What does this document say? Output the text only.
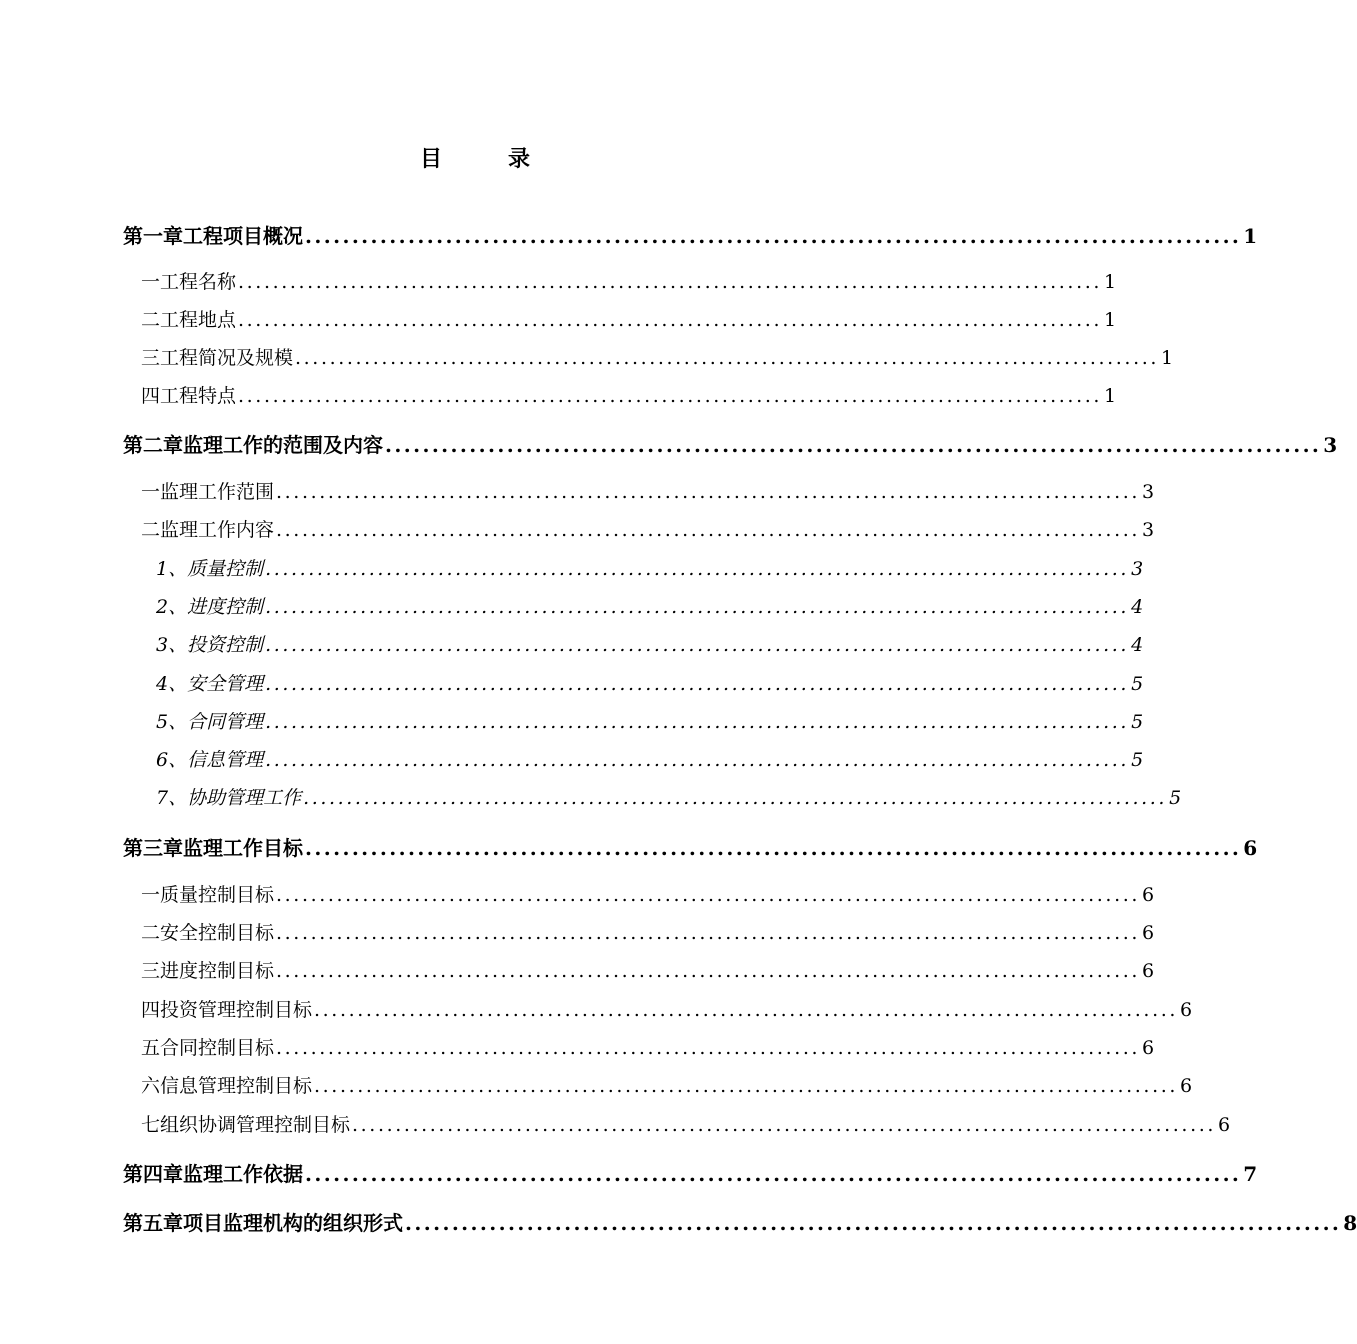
目　录
第一章 工程项目概况 .................................................................................................... 1
一 工程名称 .................................................................................................... 1
二 工程地点 .................................................................................................... 1
三 工程简况及规模 .................................................................................................... 1
四 工程特点 .................................................................................................... 1
第二章 监理工作的范围及内容 .................................................................................................... 3
一 监理工作范围 .................................................................................................... 3
二 监理工作内容 .................................................................................................... 3
1、质量控制 .................................................................................................... 3
2、进度控制 .................................................................................................... 4
3、投资控制 .................................................................................................... 4
4、安全管理 .................................................................................................... 5
5、合同管理 .................................................................................................... 5
6、信息管理 .................................................................................................... 5
7、协助管理工作 .................................................................................................... 5
第三章 监理工作目标 .................................................................................................... 6
一 质量控制目标 .................................................................................................... 6
二 安全控制目标 .................................................................................................... 6
三 进度控制目标 .................................................................................................... 6
四 投资管理控制目标 .................................................................................................... 6
五 合同控制目标 .................................................................................................... 6
六 信息管理控制目标 .................................................................................................... 6
七 组织协调管理控制目标 .................................................................................................... 6
第四章 监理工作依据 .................................................................................................... 7
第五章 项目监理机构的组织形式 .................................................................................................... 8
